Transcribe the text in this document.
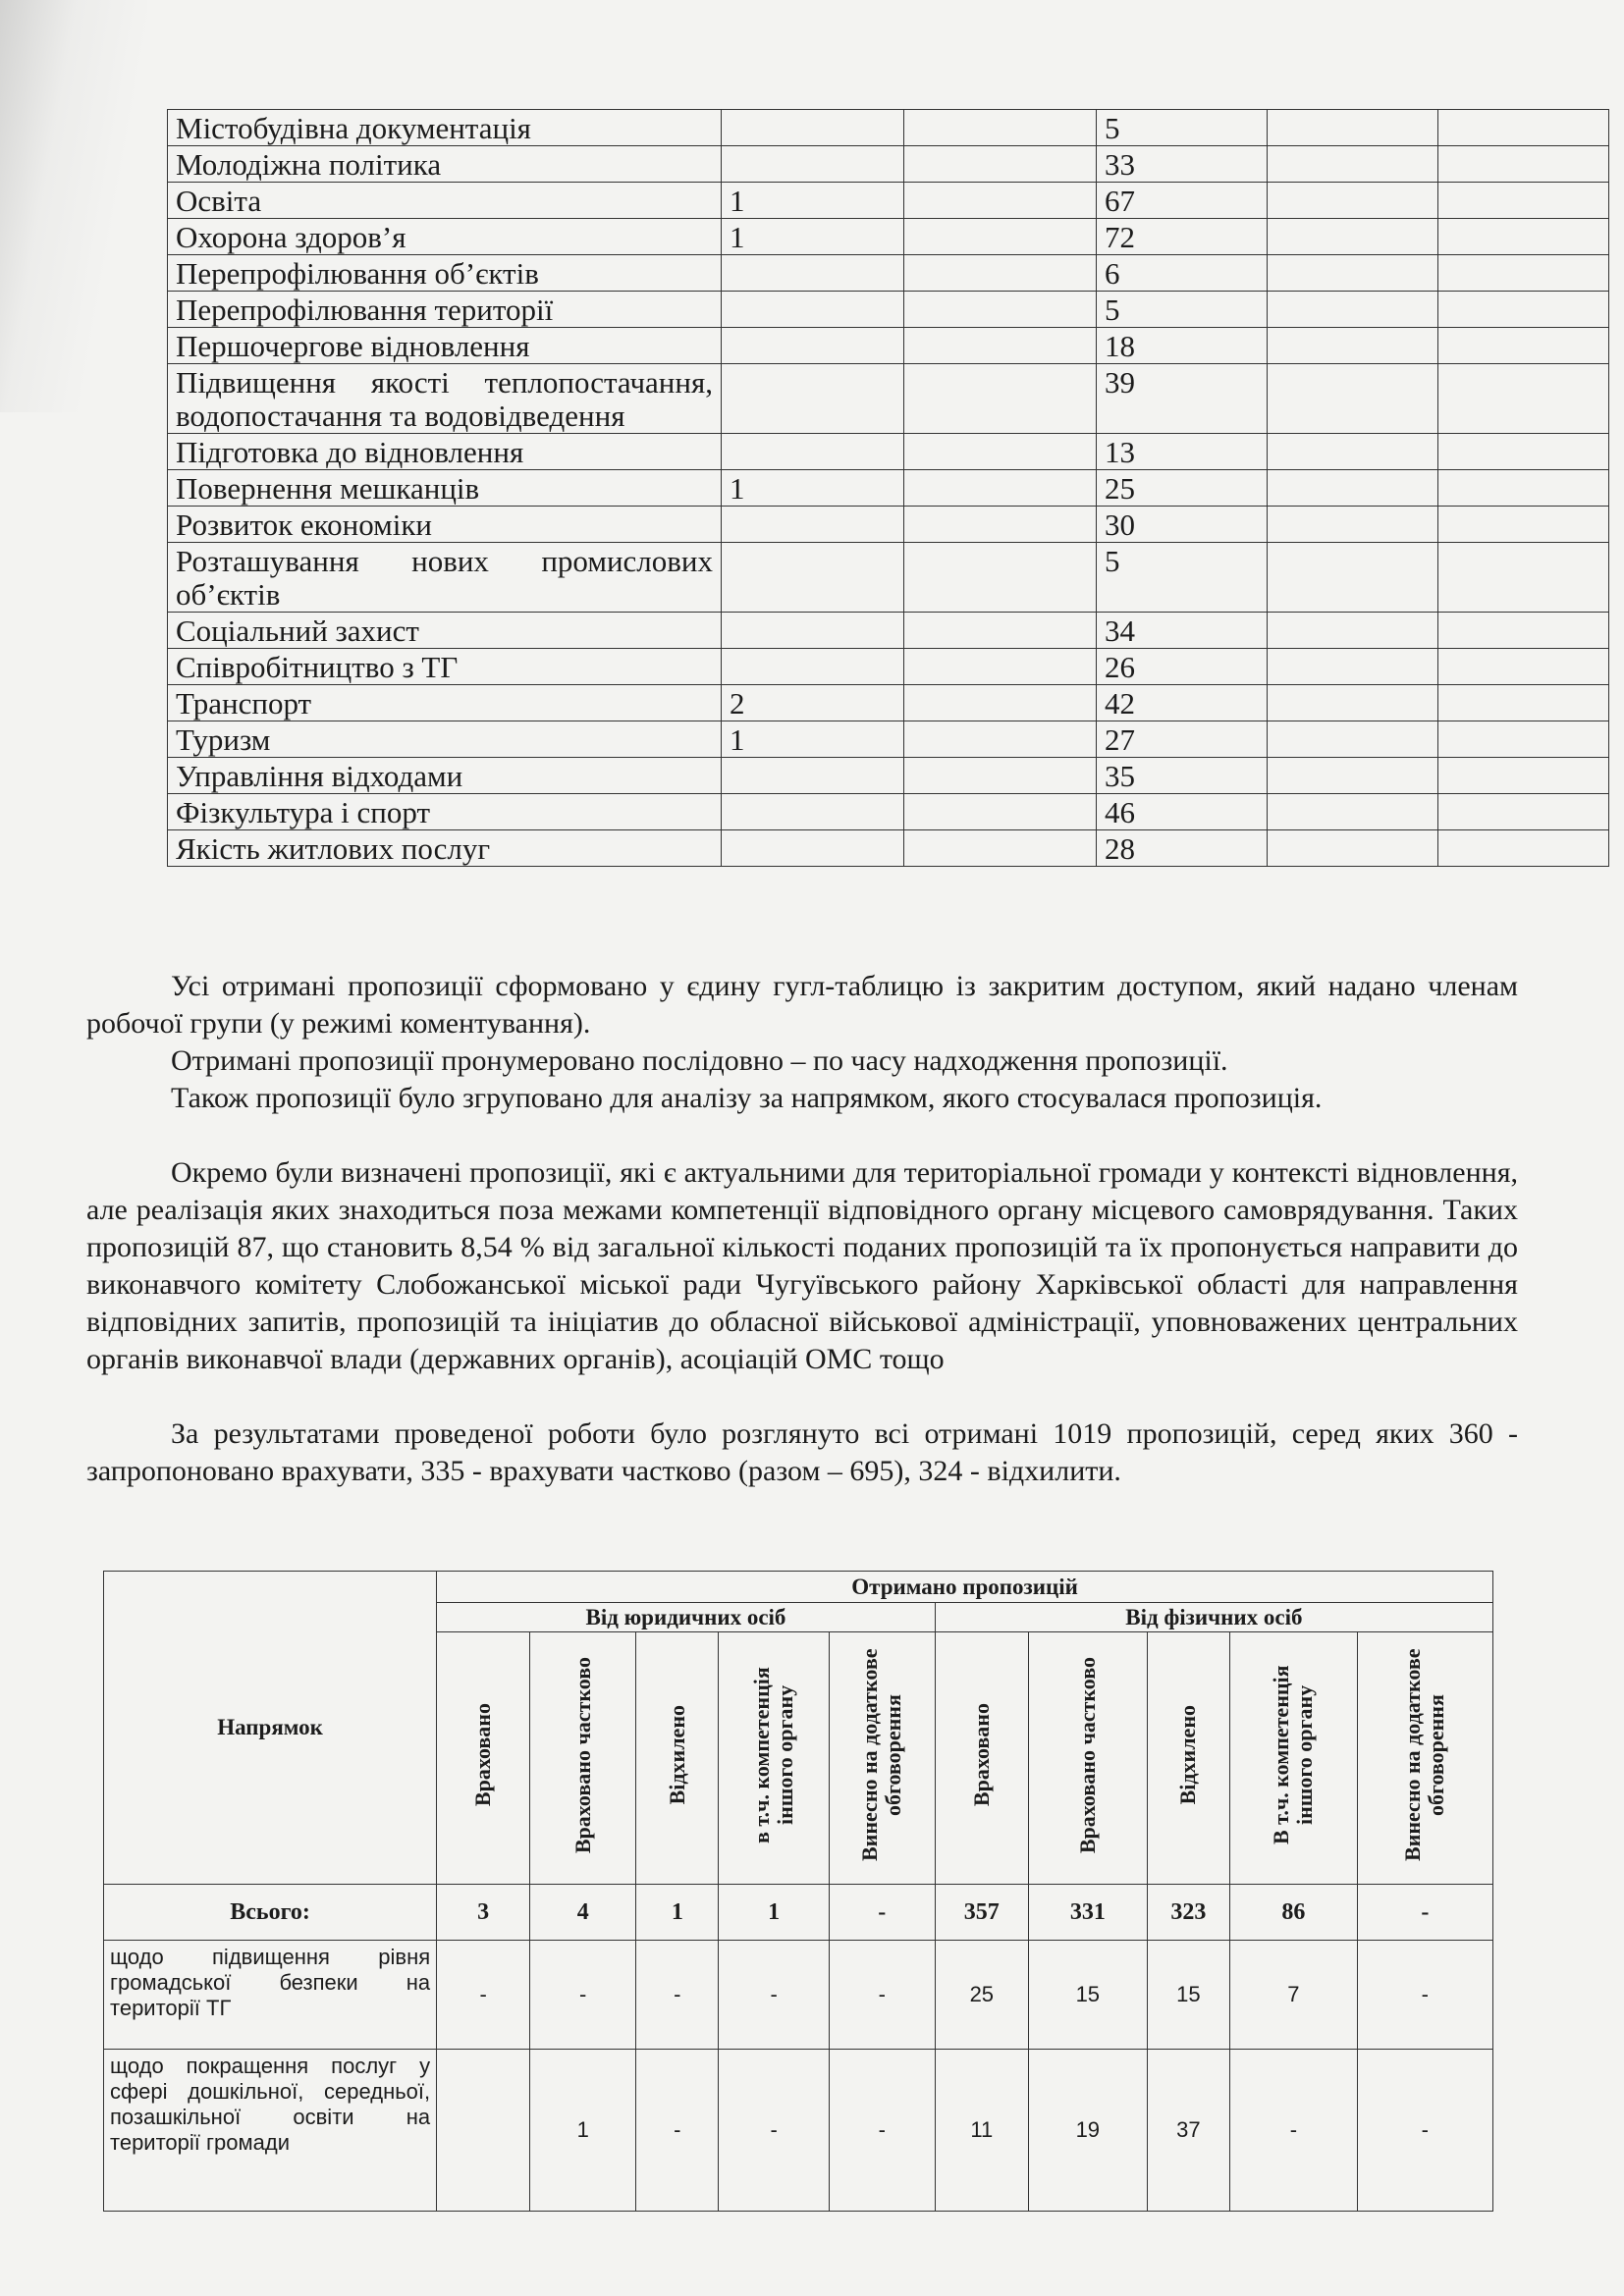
Містобудівна документація			5		
Молодіжна політика			33		
Освіта	1		67		
Охорона здоров’я	1		72		
Перепрофілювання об’єктів			6		
Перепрофілювання території			5		
Першочергове відновлення			18		
Підвищення якості теплопостачання, водопостачання та водовідведення			39		
Підготовка до відновлення			13		
Повернення мешканців	1		25		
Розвиток економіки			30		
Розташування нових промислових об’єктів			5		
Соціальний захист			34		
Співробітництво з ТГ			26		
Транспорт	2		42		
Туризм	1		27		
Управління відходами			35		
Фізкультура і спорт			46		
Якість житлових послуг			28		

Усі отримані пропозиції сформовано у єдину гугл-таблицю із закритим доступом, який надано членам робочої групи (у режимі коментування).

Отримані пропозиції пронумеровано послідовно – по часу надходження пропозиції.

Також пропозиції було згруповано для аналізу за напрямком, якого стосувалася пропозиція.

Окремо були визначені пропозиції, які є актуальними для територіальної громади у контексті відновлення, але реалізація яких знаходиться поза межами компетенції відповідного органу місцевого самоврядування. Таких пропозицій 87, що становить 8,54 % від загальної кількості поданих пропозицій та їх пропонується направити до виконавчого комітету Слобожанської міської ради Чугуївського району Харківської області для направлення відповідних запитів, пропозицій та ініціатив до обласної військової адміністрації, уповноважених центральних органів виконавчої влади (державних органів), асоціацій ОМС тощо

За результатами проведеної роботи було розглянуто всі отримані 1019 пропозицій, серед яких 360 - запропоновано врахувати, 335 - врахувати частково (разом – 695), 324 - відхилити.

Напрямок	Отримано пропозицій									
	Від юридичних осіб					Від фізичних осіб				
	Враховано	Враховано частково	Відхилено	в т.ч. компетенція іншого органу	Винесно на додаткове обговорення	Враховано	Враховано частково	Відхилено	В т.ч. компетенція іншого органу	Винесно на додаткове обговорення
Всього:	3	4	1	1	-	357	331	323	86	-
щодо підвищення рівня громадської безпеки на території ТГ	-	-	-	-	-	25	15	15	7	-
щодо покращення послуг у сфері дошкільної, середньої, позашкільної освіти на території громади		1	-	-	-	11	19	37	-	-
